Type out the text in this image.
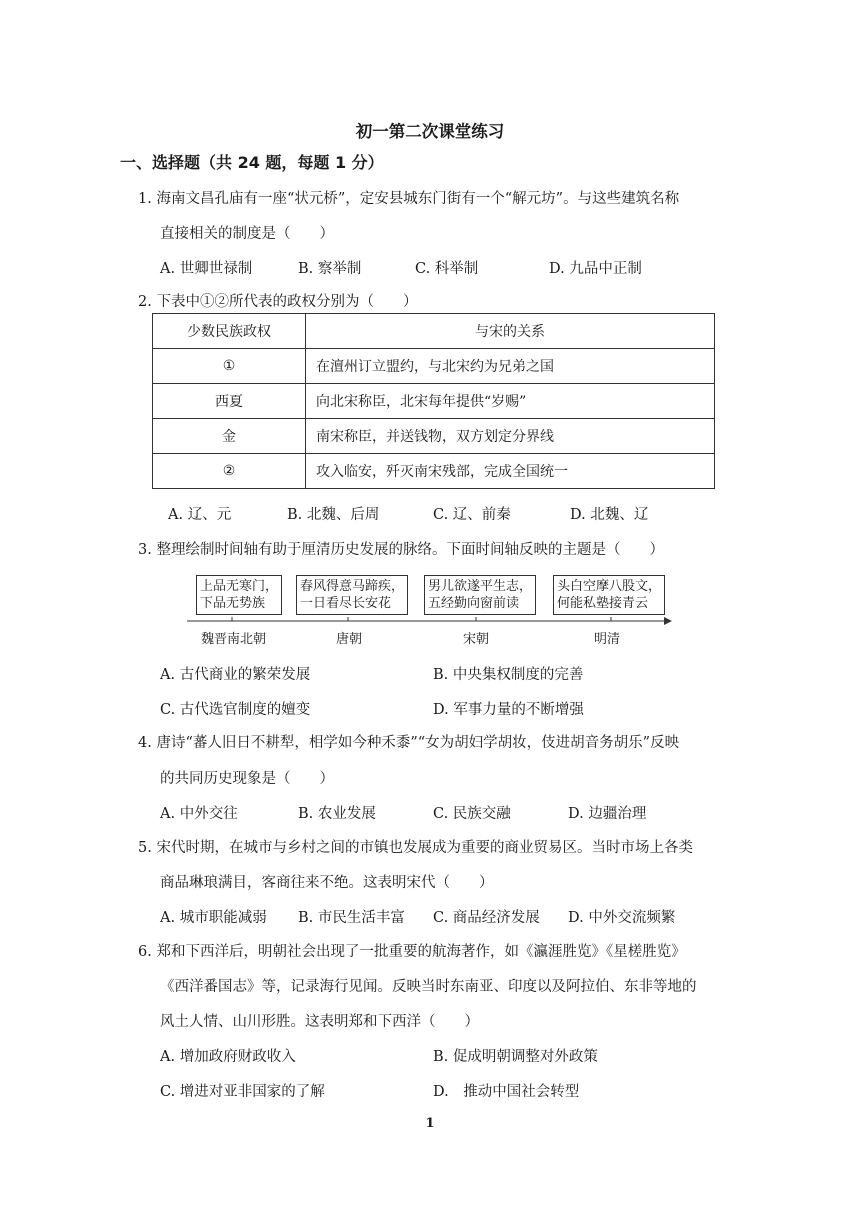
初一第二次课堂练习
一、选择题（共 24 题，每题 1 分）
1. 海南文昌孔庙有一座“状元桥”，定安县城东门街有一个“解元坊”。与这些建筑名称
直接相关的制度是（　　）
A. 世卿世禄制	B. 察举制	C. 科举制	D. 九品中正制
2. 下表中①②所代表的政权分别为（　　）
少数民族政权	与宋的关系
①	在澶州订立盟约，与北宋约为兄弟之国
西夏	向北宋称臣，北宋每年提供“岁赐”
金	南宋称臣，并送钱物，双方划定分界线
②	攻入临安，歼灭南宋残部，完成全国统一
A. 辽、元	B. 北魏、后周	C. 辽、前秦	D. 北魏、辽
3. 整理绘制时间轴有助于厘清历史发展的脉络。下面时间轴反映的主题是（　　）
上品无寒门，
下品无势族
春风得意马蹄疾，
一日看尽长安花
男儿欲遂平生志，
五经勤向窗前读
头白空摩八股文，
何能私塾接青云
魏晋南北朝	唐朝	宋朝	明清
A. 古代商业的繁荣发展	B. 中央集权制度的完善
C. 古代选官制度的嬗变	D. 军事力量的不断增强
4. 唐诗“蕃人旧日不耕犁，相学如今种禾黍”“女为胡妇学胡妆，伎进胡音务胡乐”反映
的共同历史现象是（　　）
A. 中外交往	B. 农业发展	C. 民族交融	D. 边疆治理
5. 宋代时期，在城市与乡村之间的市镇也发展成为重要的商业贸易区。当时市场上各类
商品琳琅满目，客商往来不绝。这表明宋代（　　）
A. 城市职能减弱 B. 市民生活丰富 C. 商品经济发展 D. 中外交流频繁
6. 郑和下西洋后，明朝社会出现了一批重要的航海著作，如《瀛涯胜览》《星槎胜览》
《西洋番国志》等，记录海行见闻。反映当时东南亚、印度以及阿拉伯、东非等地的
风土人情、山川形胜。这表明郑和下西洋（　　）
A. 增加政府财政收入	B. 促成明朝调整对外政策
C. 增进对亚非国家的了解	D.　推动中国社会转型
1
